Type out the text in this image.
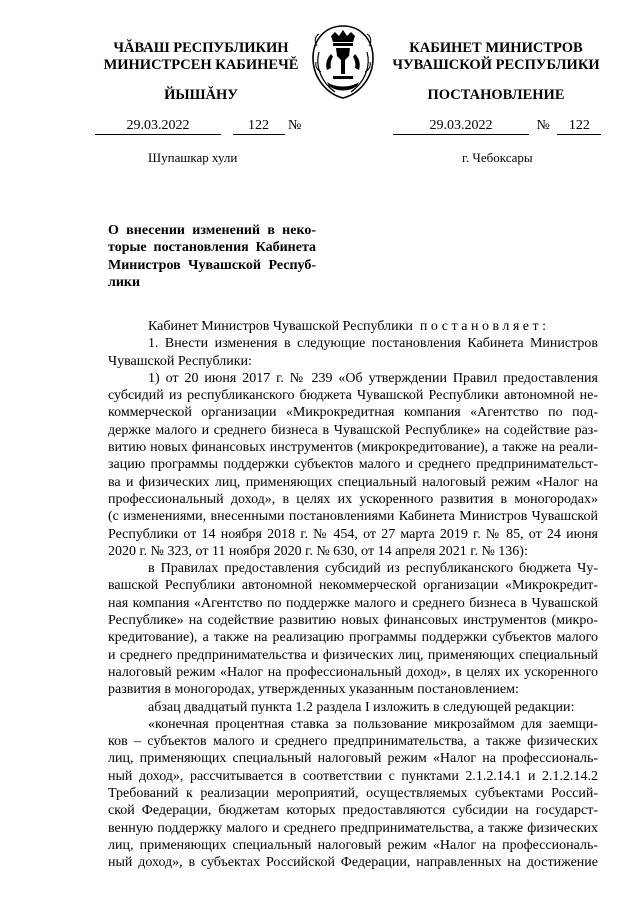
ЧĂВАШ РЕСПУБЛИКИН
МИНИСТРСЕН КАБИНЕЧĔ
ЙЫШĂНУ
КАБИНЕТ МИНИСТРОВ
ЧУВАШСКОЙ РЕСПУБЛИКИ
ПОСТАНОВЛЕНИЕ
29.03.2022	122 №	29.03.2022	№ 122
Шупашкар хули	г. Чебоксары
О внесении изменений в неко-
торые постановления Кабинета
Министров Чувашской Респуб-
лики
Кабинет Министров Чувашской Республики постановляет:
1. Внести изменения в следующие постановления Кабинета Министров
Чувашской Республики:
1) от 20 июня 2017 г. № 239 «Об утверждении Правил предоставления
субсидий из республиканского бюджета Чувашской Республики автономной не-
коммерческой организации «Микрокредитная компания «Агентство по под-
держке малого и среднего бизнеса в Чувашской Республике» на содействие раз-
витию новых финансовых инструментов (микрокредитование), а также на реали-
зацию программы поддержки субъектов малого и среднего предпринимательст-
ва и физических лиц, применяющих специальный налоговый режим «Налог на
профессиональный доход», в целях их ускоренного развития в моногородах»
(с изменениями, внесенными постановлениями Кабинета Министров Чувашской
Республики от 14 ноября 2018 г. № 454, от 27 марта 2019 г. № 85, от 24 июня
2020 г. № 323, от 11 ноября 2020 г. № 630, от 14 апреля 2021 г. № 136):
в Правилах предоставления субсидий из республиканского бюджета Чу-
вашской Республики автономной некоммерческой организации «Микрокредит-
ная компания «Агентство по поддержке малого и среднего бизнеса в Чувашской
Республике» на содействие развитию новых финансовых инструментов (микро-
кредитование), а также на реализацию программы поддержки субъектов малого
и среднего предпринимательства и физических лиц, применяющих специальный
налоговый режим «Налог на профессиональный доход», в целях их ускоренного
развития в моногородах, утвержденных указанным постановлением:
абзац двадцатый пункта 1.2 раздела I изложить в следующей редакции:
«конечная процентная ставка за пользование микрозаймом для заемщи-
ков – субъектов малого и среднего предпринимательства, а также физических
лиц, применяющих специальный налоговый режим «Налог на профессиональ-
ный доход», рассчитывается в соответствии с пунктами 2.1.2.14.1 и 2.1.2.14.2
Требований к реализации мероприятий, осуществляемых субъектами Россий-
ской Федерации, бюджетам которых предоставляются субсидии на государст-
венную поддержку малого и среднего предпринимательства, а также физических
лиц, применяющих специальный налоговый режим «Налог на профессиональ-
ный доход», в субъектах Российской Федерации, направленных на достижение
